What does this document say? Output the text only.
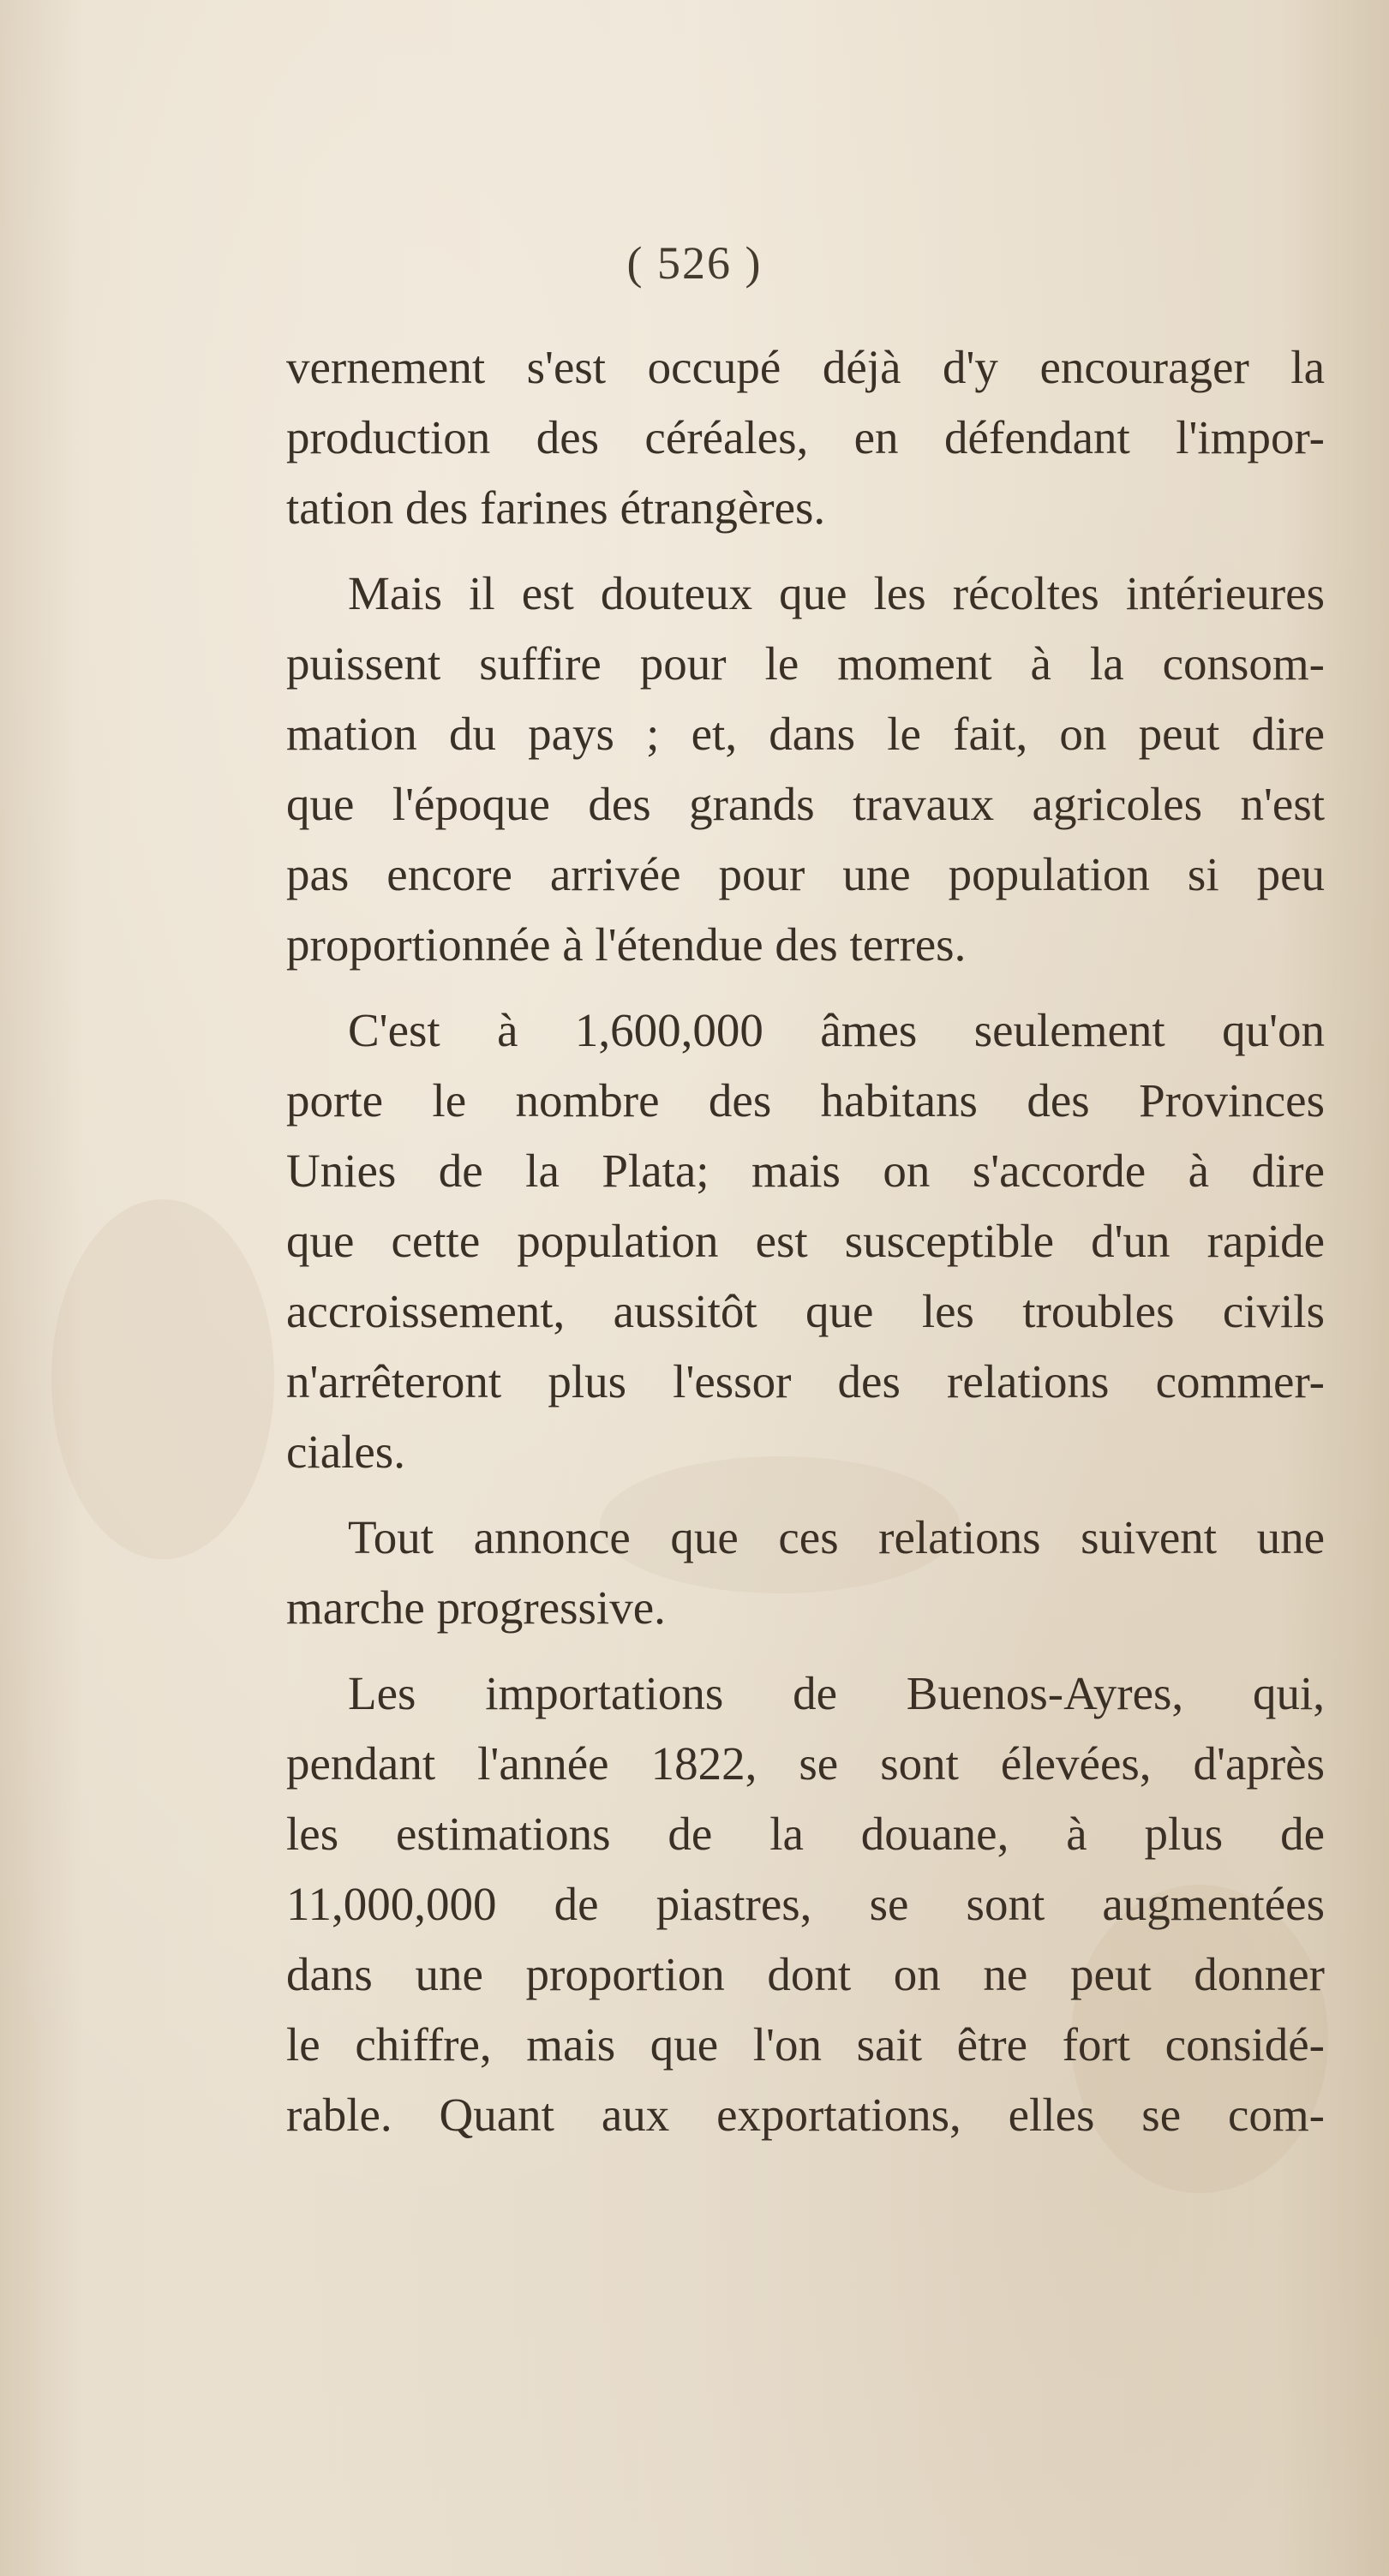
( 526 )

vernement s'est occupé déjà d'y encourager la
production des céréales, en défendant l'impor-
tation des farines étrangères.

Mais il est douteux que les récoltes intérieures
puissent suffire pour le moment à la consom-
mation du pays ; et, dans le fait, on peut dire
que l'époque des grands travaux agricoles n'est
pas encore arrivée pour une population si peu
proportionnée à l'étendue des terres.

C'est à 1,600,000 âmes seulement qu'on
porte le nombre des habitans des Provinces
Unies de la Plata; mais on s'accorde à dire
que cette population est susceptible d'un rapide
accroissement, aussitôt que les troubles civils
n'arrêteront plus l'essor des relations commer-
ciales.

Tout annonce que ces relations suivent une
marche progressive.

Les importations de Buenos-Ayres, qui,
pendant l'année 1822, se sont élevées, d'après
les estimations de la douane, à plus de
11,000,000 de piastres, se sont augmentées
dans une proportion dont on ne peut donner
le chiffre, mais que l'on sait être fort considé-
rable. Quant aux exportations, elles se com-
